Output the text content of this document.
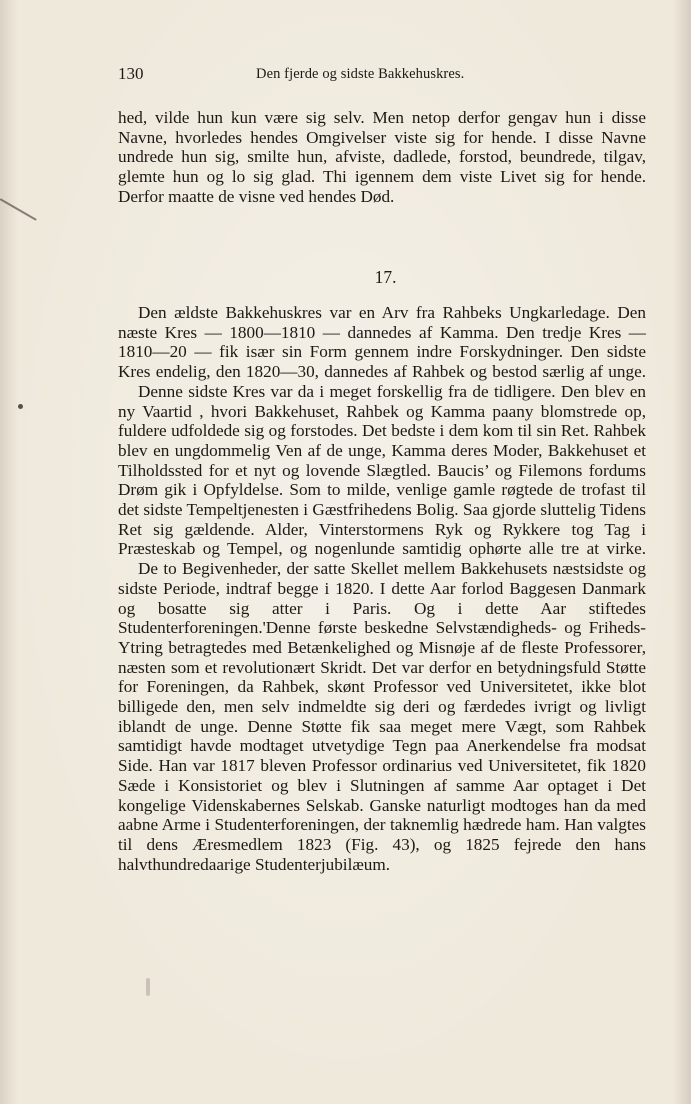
130	Den fjerde og sidste Bakkehuskres.

hed, vilde hun kun være sig selv. Men netop derfor gengav hun i disse Navne, hvorledes hendes Omgivelser viste sig for hende. I disse Navne undrede hun sig, smilte hun, afviste, dadlede, forstod, beundrede, tilgav, glemte hun og lo sig glad. Thi igennem dem viste Livet sig for hende. Derfor maatte de visne ved hendes Død.

17.

Den ældste Bakkehuskres var en Arv fra Rahbeks Ungkarledage. Den næste Kres — 1800—1810 — dannedes af Kamma. Den tredje Kres — 1810—20 — fik især sin Form gennem indre Forskydninger. Den sidste Kres endelig, den 1820—30, dannedes af Rahbek og bestod særlig af unge.

Denne sidste Kres var da i meget forskellig fra de tidligere. Den blev en ny Vaartid , hvori Bakkehuset, Rahbek og Kamma paany blomstrede op, fuldere udfoldede sig og forstodes. Det bedste i dem kom til sin Ret. Rahbek blev en ungdommelig Ven af de unge, Kamma deres Moder, Bakkehuset et Tilholdssted for et nyt og lovende Slægtled. Baucis’ og Filemons fordums Drøm gik i Opfyldelse. Som to milde, venlige gamle røgtede de trofast til det sidste Tempeltjenesten i Gæstfrihedens Bolig. Saa gjorde sluttelig Tidens Ret sig gældende. Alder, Vinterstormens Ryk og Rykkere tog Tag i Præsteskab og Tempel, og nogenlunde samtidig ophørte alle tre at virke.

De to Begivenheder, der satte Skellet mellem Bakkehusets næstsidste og sidste Periode, indtraf begge i 1820. I dette Aar forlod Baggesen Danmark og bosatte sig atter i Paris. Og i dette Aar stiftedes Studenterforeningen.'Denne første beskedne Selvstændigheds- og Friheds-Ytring betragtedes med Betænkelighed og Misnøje af de fleste Professorer, næsten som et revolutionært Skridt. Det var derfor en betydningsfuld Støtte for Foreningen, da Rahbek, skønt Professor ved Universitetet, ikke blot billigede den, men selv indmeldte sig deri og færdedes ivrigt og livligt iblandt de unge. Denne Støtte fik saa meget mere Vægt, som Rahbek samtidigt havde modtaget utvetydige Tegn paa Anerkendelse fra modsat Side. Han var 1817 bleven Professor ordinarius ved Universitetet, fik 1820 Sæde i Konsistoriet og blev i Slutningen af samme Aar optaget i Det kongelige Videnskabernes Selskab. Ganske naturligt modtoges han da med aabne Arme i Studenterforeningen, der taknemlig hædrede ham. Han valgtes til dens Æresmedlem 1823 (Fig. 43), og 1825 fejrede den hans halvthundredaarige Studenterjubilæum.
